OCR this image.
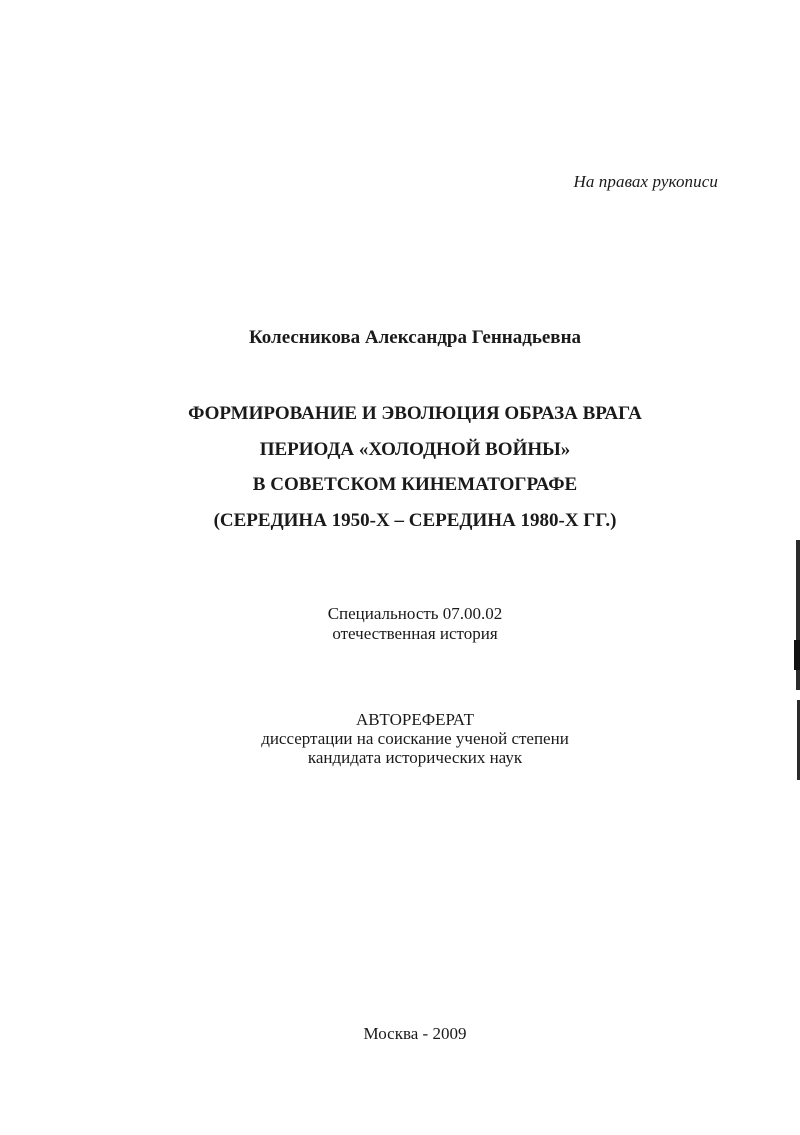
На правах рукописи
Колесникова Александра Геннадьевна
ФОРМИРОВАНИЕ И ЭВОЛЮЦИЯ ОБРАЗА ВРАГА
ПЕРИОДА «ХОЛОДНОЙ ВОЙНЫ»
В СОВЕТСКОМ КИНЕМАТОГРАФЕ
(СЕРЕДИНА 1950-Х – СЕРЕДИНА 1980-Х ГГ.)
Специальность 07.00.02
отечественная история
АВТОРЕФЕРАТ
диссертации на соискание ученой степени
кандидата исторических наук
Москва - 2009
